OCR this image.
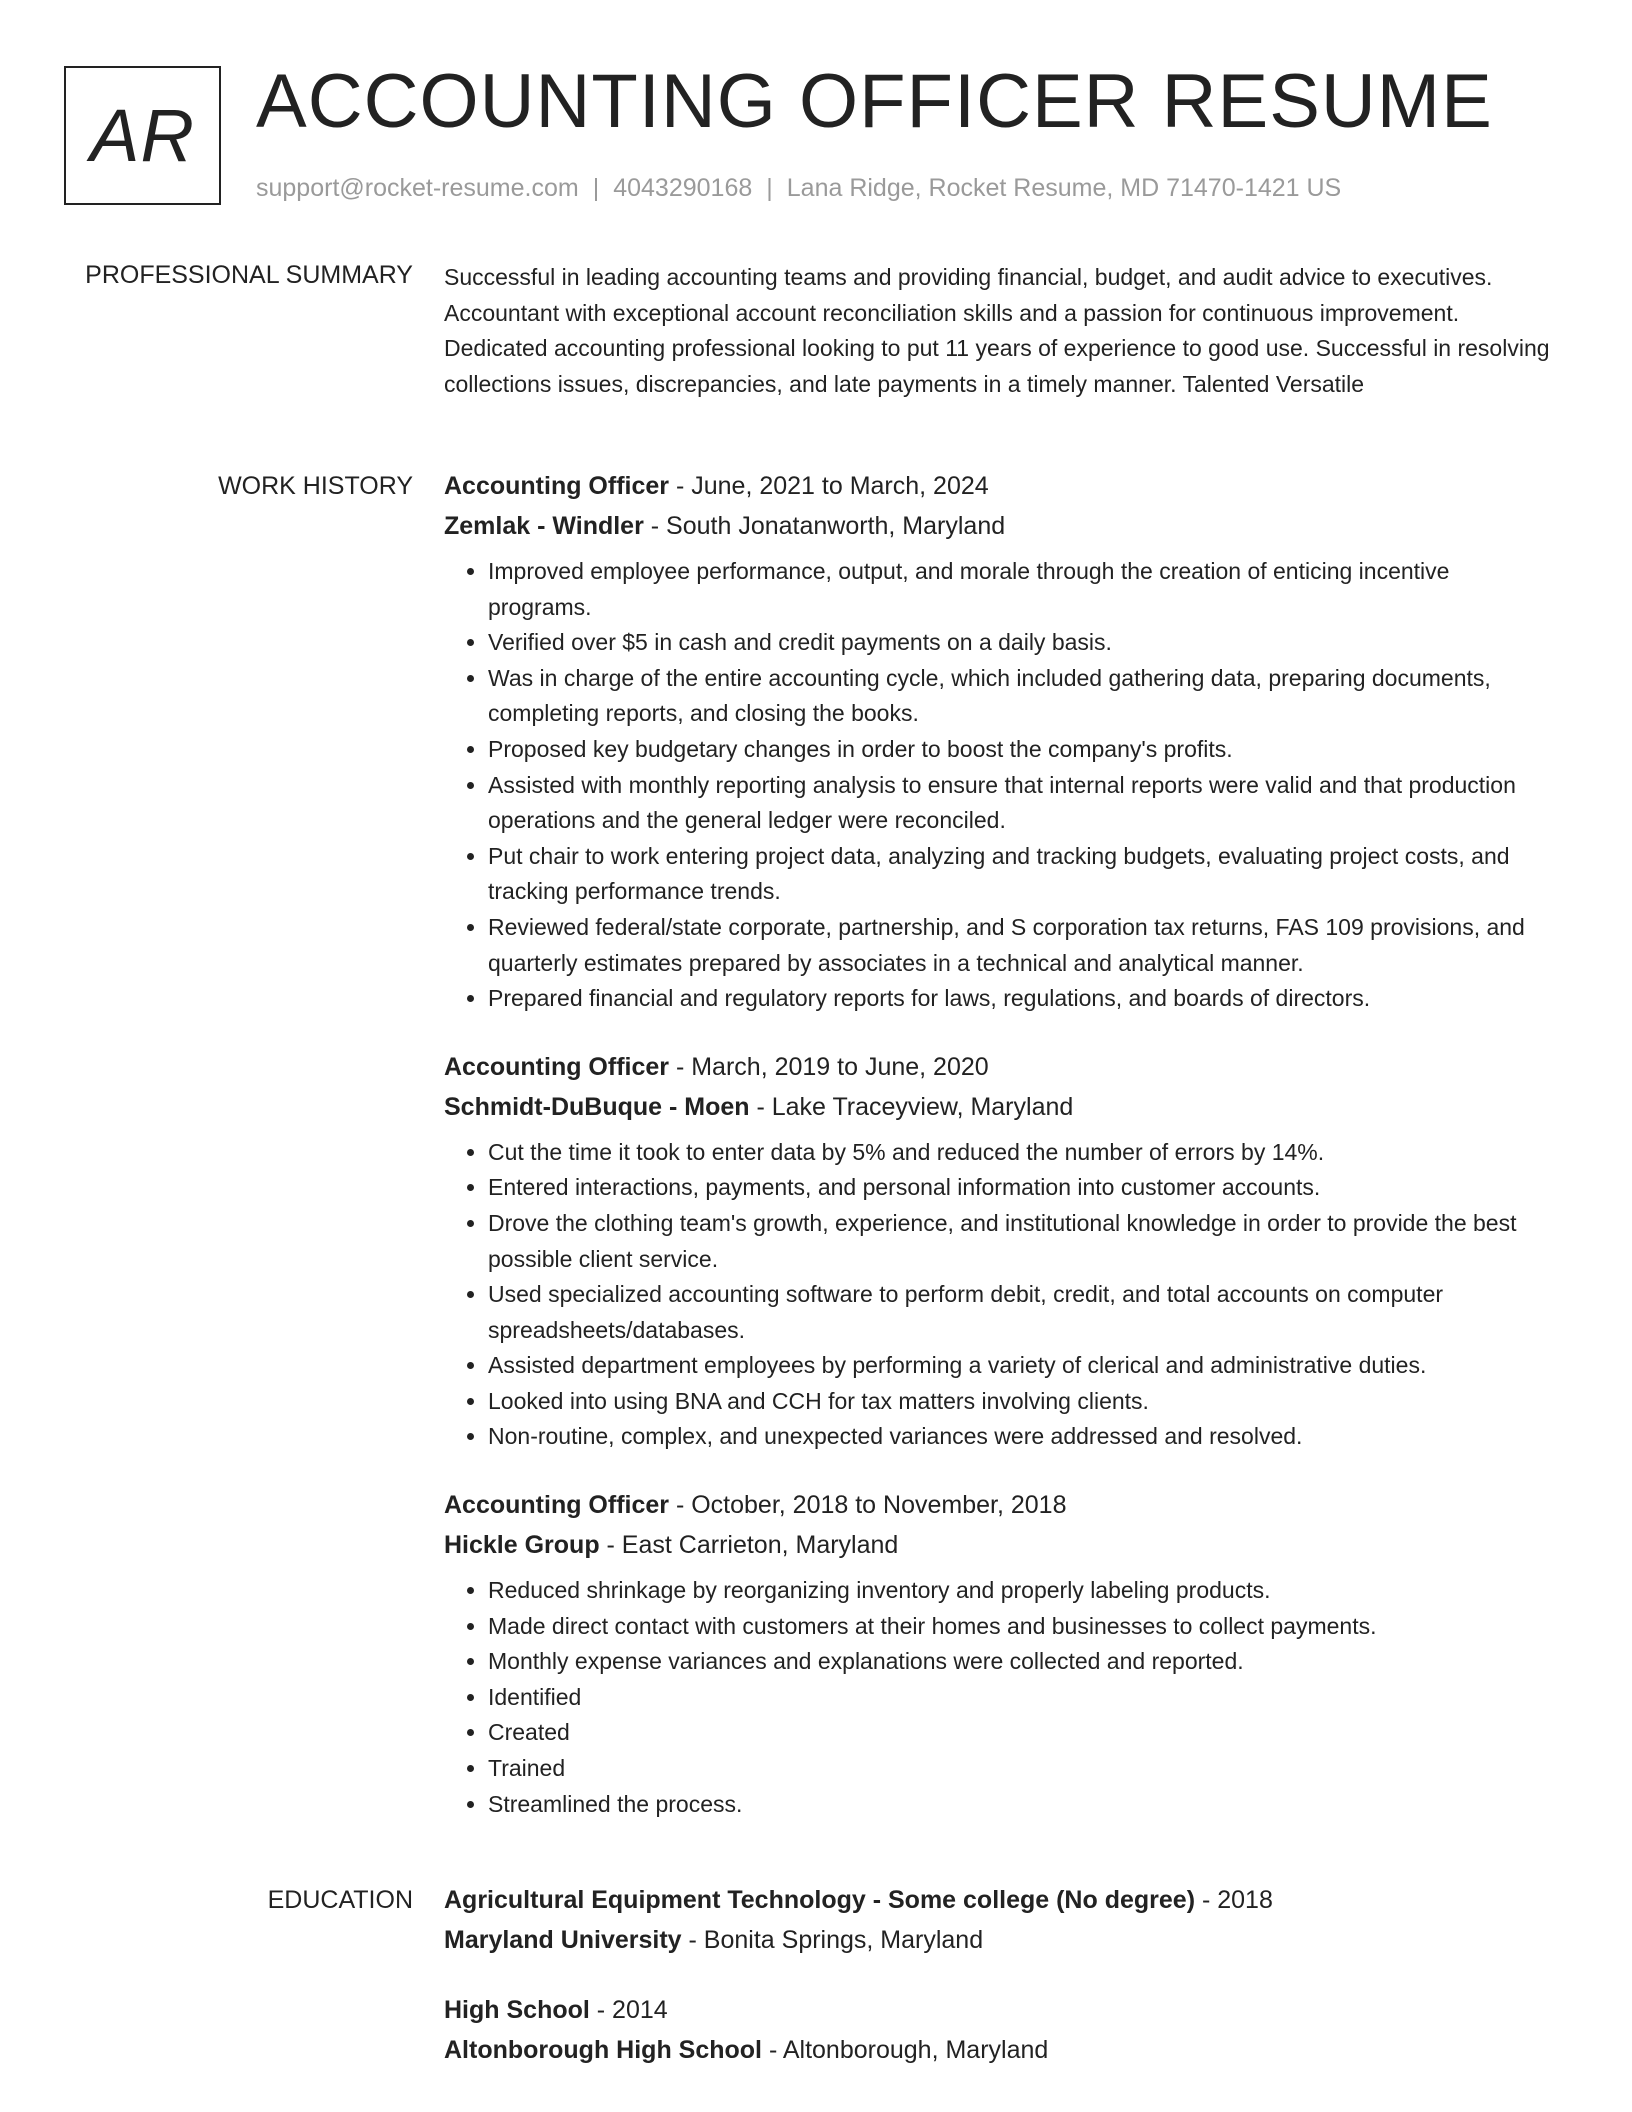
AR ACCOUNTING OFFICER RESUME
support@rocket-resume.com | 4043290168 | Lana Ridge, Rocket Resume, MD 71470-1421 US
PROFESSIONAL SUMMARY Successful in leading accounting teams and providing financial, budget, and audit advice to executives. Accountant with exceptional account reconciliation skills and a passion for continuous improvement. Dedicated accounting professional looking to put 11 years of experience to good use. Successful in resolving collections issues, discrepancies, and late payments in a timely manner. Talented Versatile
WORK HISTORY Accounting Officer - June, 2021 to March, 2024
Zemlak - Windler - South Jonatanworth, Maryland
• Improved employee performance, output, and morale through the creation of enticing incentive programs.
• Verified over $5 in cash and credit payments on a daily basis.
• Was in charge of the entire accounting cycle, which included gathering data, preparing documents, completing reports, and closing the books.
• Proposed key budgetary changes in order to boost the company's profits.
• Assisted with monthly reporting analysis to ensure that internal reports were valid and that production operations and the general ledger were reconciled.
• Put chair to work entering project data, analyzing and tracking budgets, evaluating project costs, and tracking performance trends.
• Reviewed federal/state corporate, partnership, and S corporation tax returns, FAS 109 provisions, and quarterly estimates prepared by associates in a technical and analytical manner.
• Prepared financial and regulatory reports for laws, regulations, and boards of directors.
Accounting Officer - March, 2019 to June, 2020
Schmidt-DuBuque - Moen - Lake Traceyview, Maryland
• Cut the time it took to enter data by 5% and reduced the number of errors by 14%.
• Entered interactions, payments, and personal information into customer accounts.
• Drove the clothing team's growth, experience, and institutional knowledge in order to provide the best possible client service.
• Used specialized accounting software to perform debit, credit, and total accounts on computer spreadsheets/databases.
• Assisted department employees by performing a variety of clerical and administrative duties.
• Looked into using BNA and CCH for tax matters involving clients.
• Non-routine, complex, and unexpected variances were addressed and resolved.
Accounting Officer - October, 2018 to November, 2018
Hickle Group - East Carrieton, Maryland
• Reduced shrinkage by reorganizing inventory and properly labeling products.
• Made direct contact with customers at their homes and businesses to collect payments.
• Monthly expense variances and explanations were collected and reported.
• Identified
• Created
• Trained
• Streamlined the process.
EDUCATION Agricultural Equipment Technology - Some college (No degree) - 2018
Maryland University - Bonita Springs, Maryland
High School - 2014
Altonborough High School - Altonborough, Maryland
